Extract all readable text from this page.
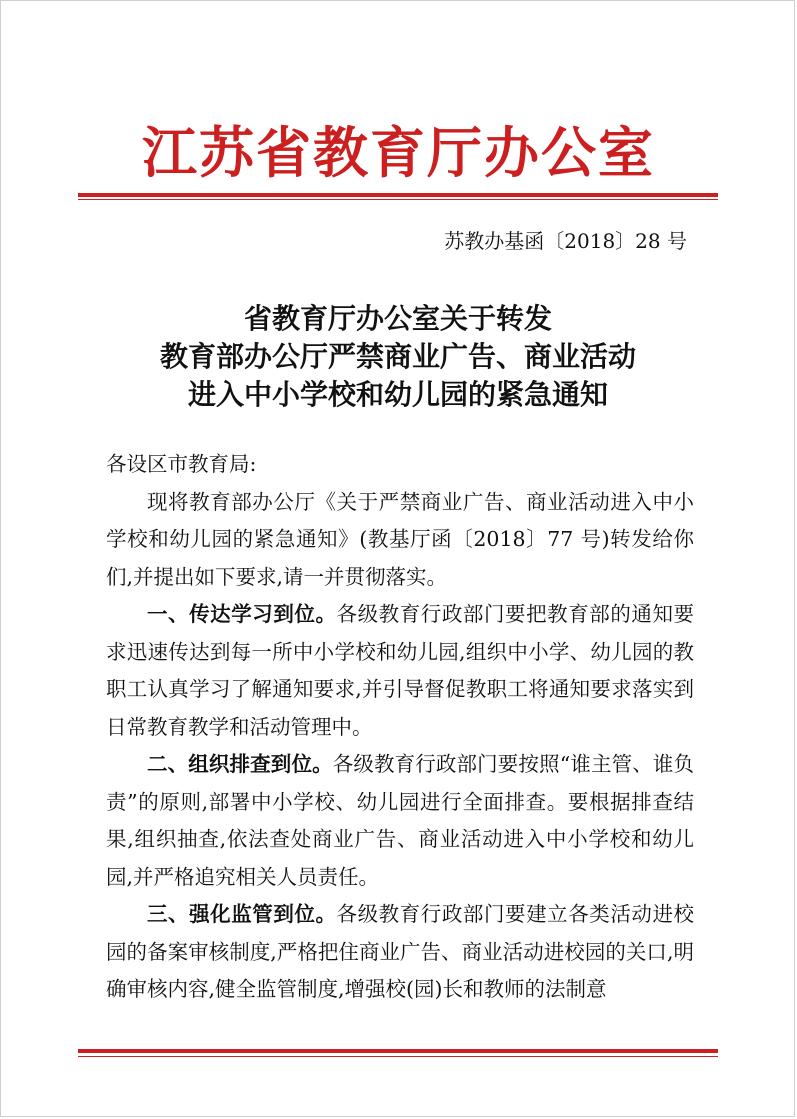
江苏省教育厅办公室
苏教办基函〔2018〕28 号
省教育厅办公室关于转发
教育部办公厅严禁商业广告、商业活动
进入中小学校和幼儿园的紧急通知

各设区市教育局:

现将教育部办公厅《关于严禁商业广告、商业活动进入中小学校和幼儿园的紧急通知》(教基厅函〔2018〕77 号)转发给你们,并提出如下要求,请一并贯彻落实。

一、传达学习到位。各级教育行政部门要把教育部的通知要求迅速传达到每一所中小学校和幼儿园,组织中小学、幼儿园的教职工认真学习了解通知要求,并引导督促教职工将通知要求落实到日常教育教学和活动管理中。

二、组织排查到位。各级教育行政部门要按照“谁主管、谁负责”的原则,部署中小学校、幼儿园进行全面排查。要根据排查结果,组织抽查,依法查处商业广告、商业活动进入中小学校和幼儿园,并严格追究相关人员责任。

三、强化监管到位。各级教育行政部门要建立各类活动进校园的备案审核制度,严格把住商业广告、商业活动进校园的关口,明确审核内容,健全监管制度,增强校(园)长和教师的法制意
